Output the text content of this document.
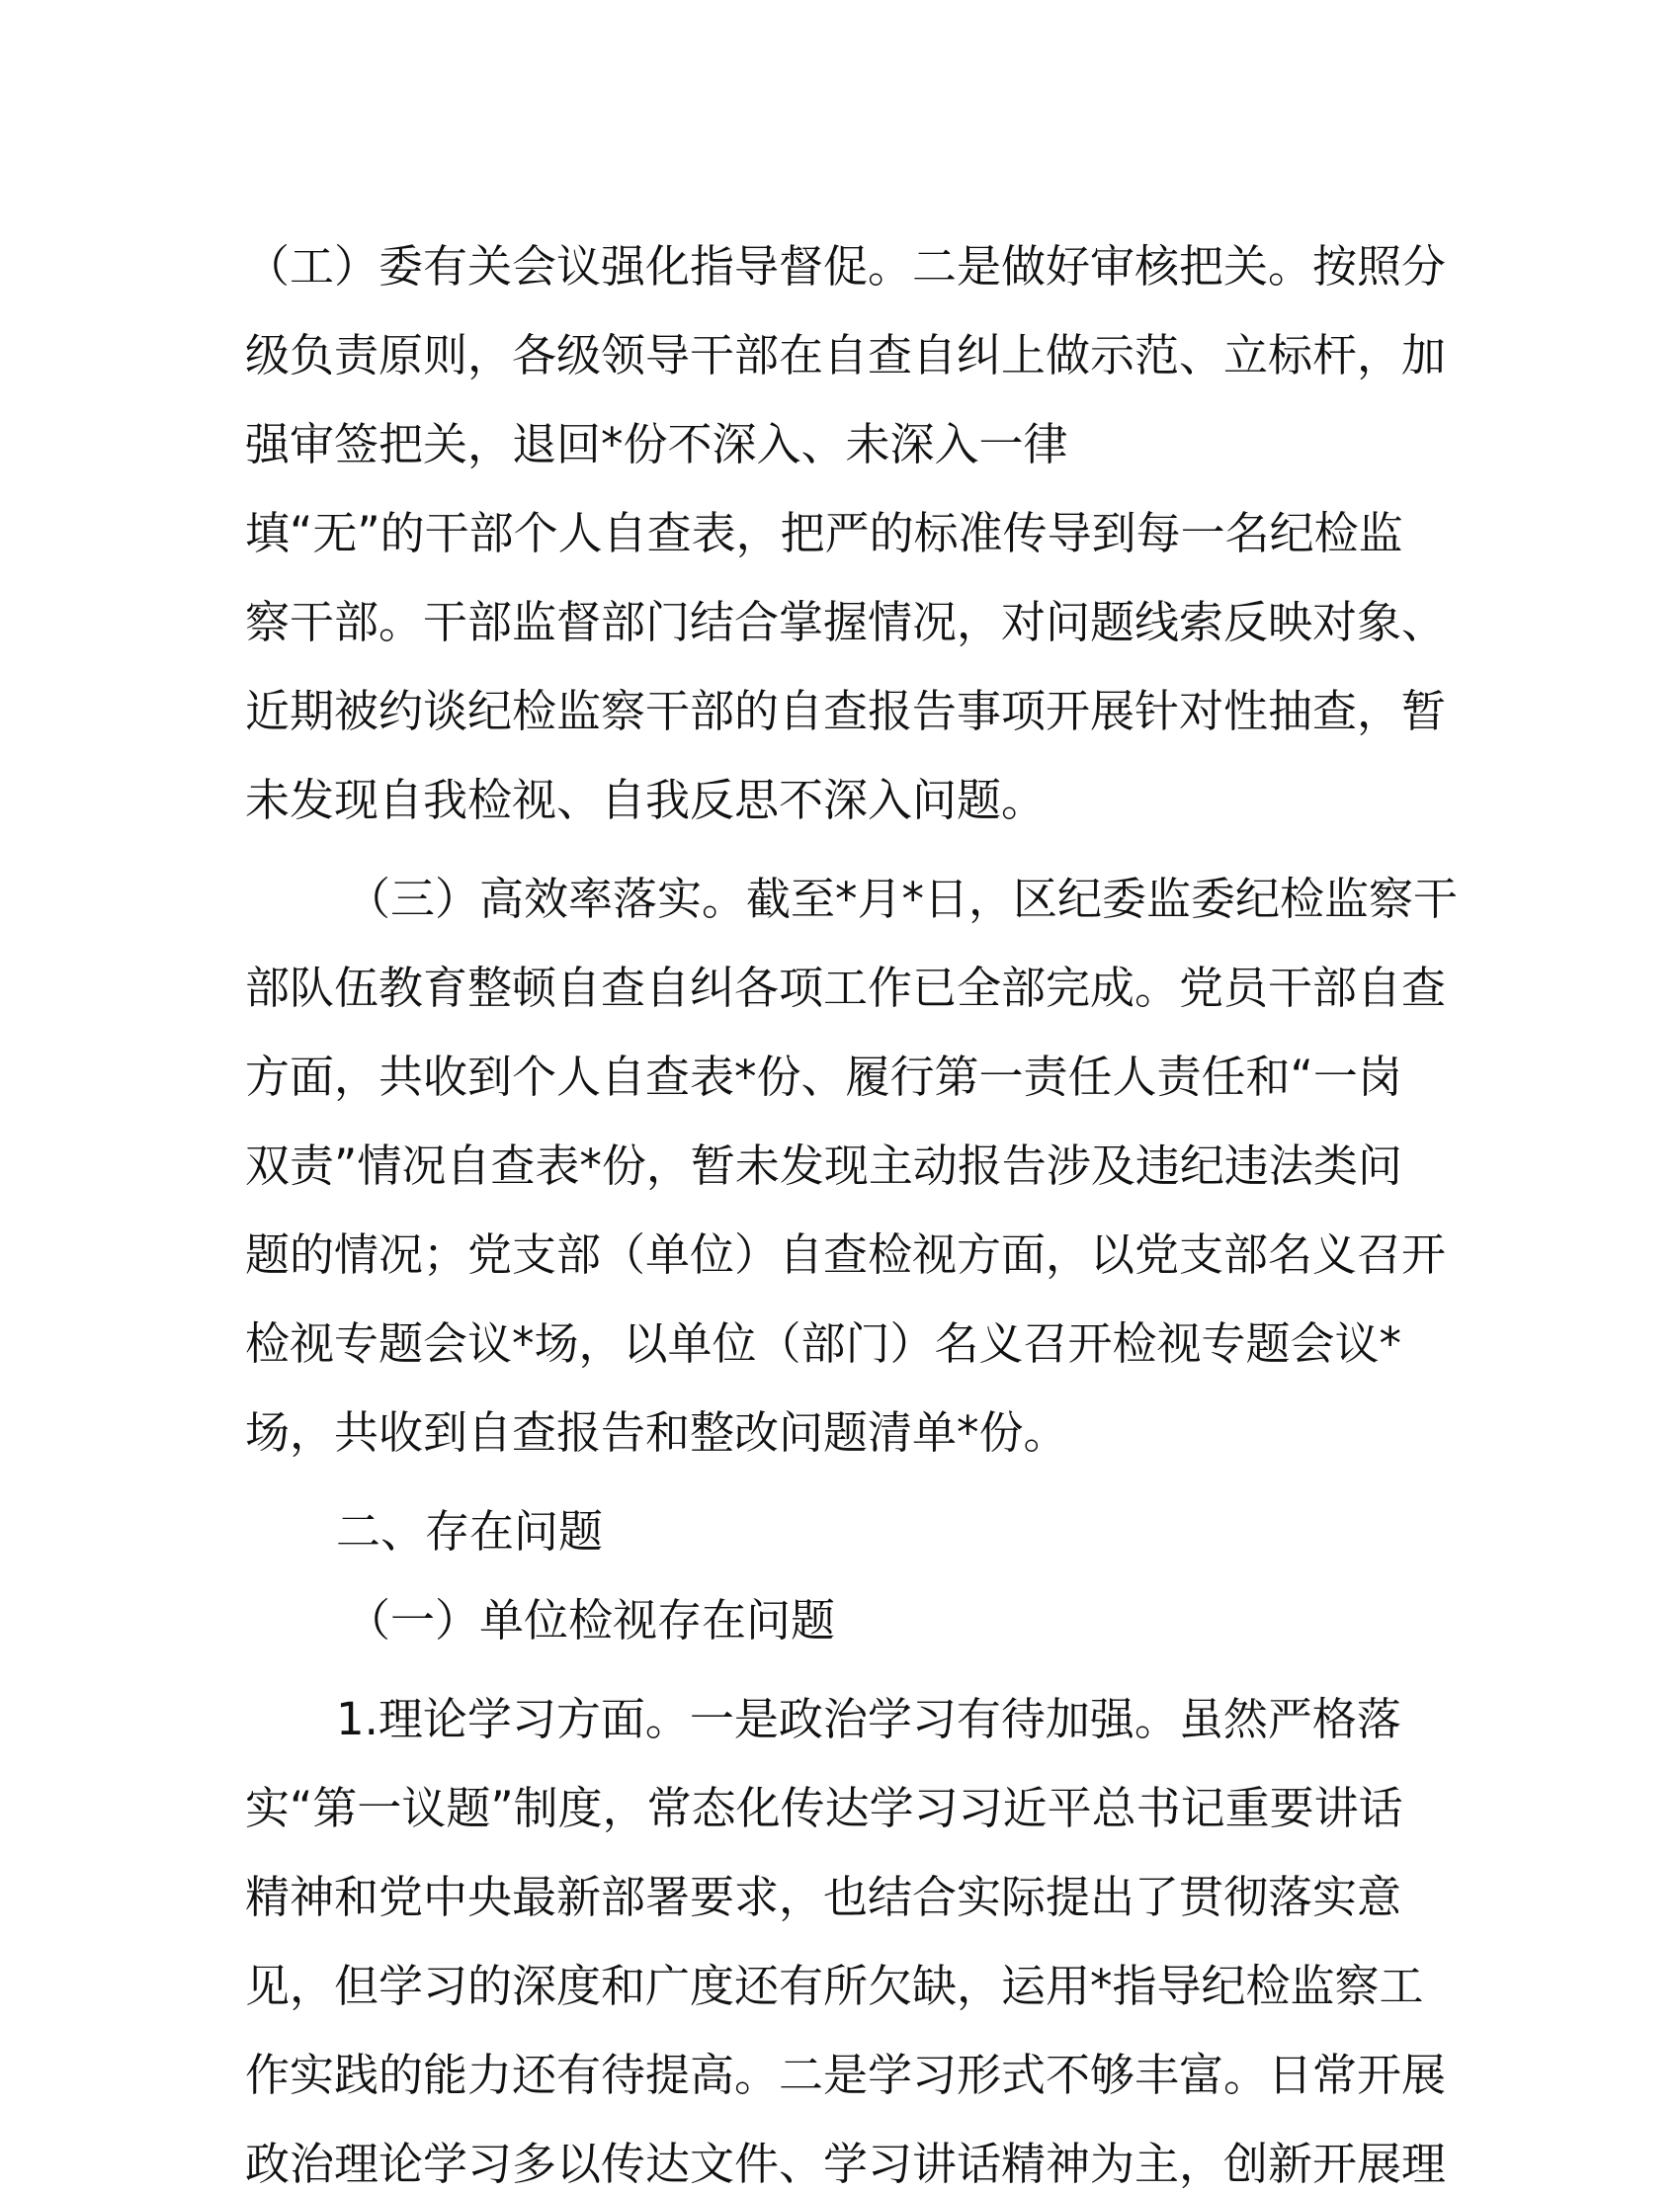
（工）委有关会议强化指导督促。二是做好审核把关。按照分
级负责原则，各级领导干部在自查自纠上做示范、立标杆，加
强审签把关，退回*份不深入、未深入一律
填“无”的干部个人自查表，把严的标准传导到每一名纪检监
察干部。干部监督部门结合掌握情况，对问题线索反映对象、
近期被约谈纪检监察干部的自查报告事项开展针对性抽查，暂
未发现自我检视、自我反思不深入问题。
（三）高效率落实。截至*月*日，区纪委监委纪检监察干
部队伍教育整顿自查自纠各项工作已全部完成。党员干部自查
方面，共收到个人自查表*份、履行第一责任人责任和“一岗
双责”情况自查表*份，暂未发现主动报告涉及违纪违法类问
题的情况；党支部（单位）自查检视方面，以党支部名义召开
检视专题会议*场，以单位（部门）名义召开检视专题会议*
场，共收到自查报告和整改问题清单*份。
二、存在问题
（一）单位检视存在问题
1.理论学习方面。一是政治学习有待加强。虽然严格落
实“第一议题”制度，常态化传达学习习近平总书记重要讲话
精神和党中央最新部署要求，也结合实际提出了贯彻落实意
见，但学习的深度和广度还有所欠缺，运用*指导纪检监察工
作实践的能力还有待提高。二是学习形式不够丰富。日常开展
政治理论学习多以传达文件、学习讲话精神为主，创新开展理
